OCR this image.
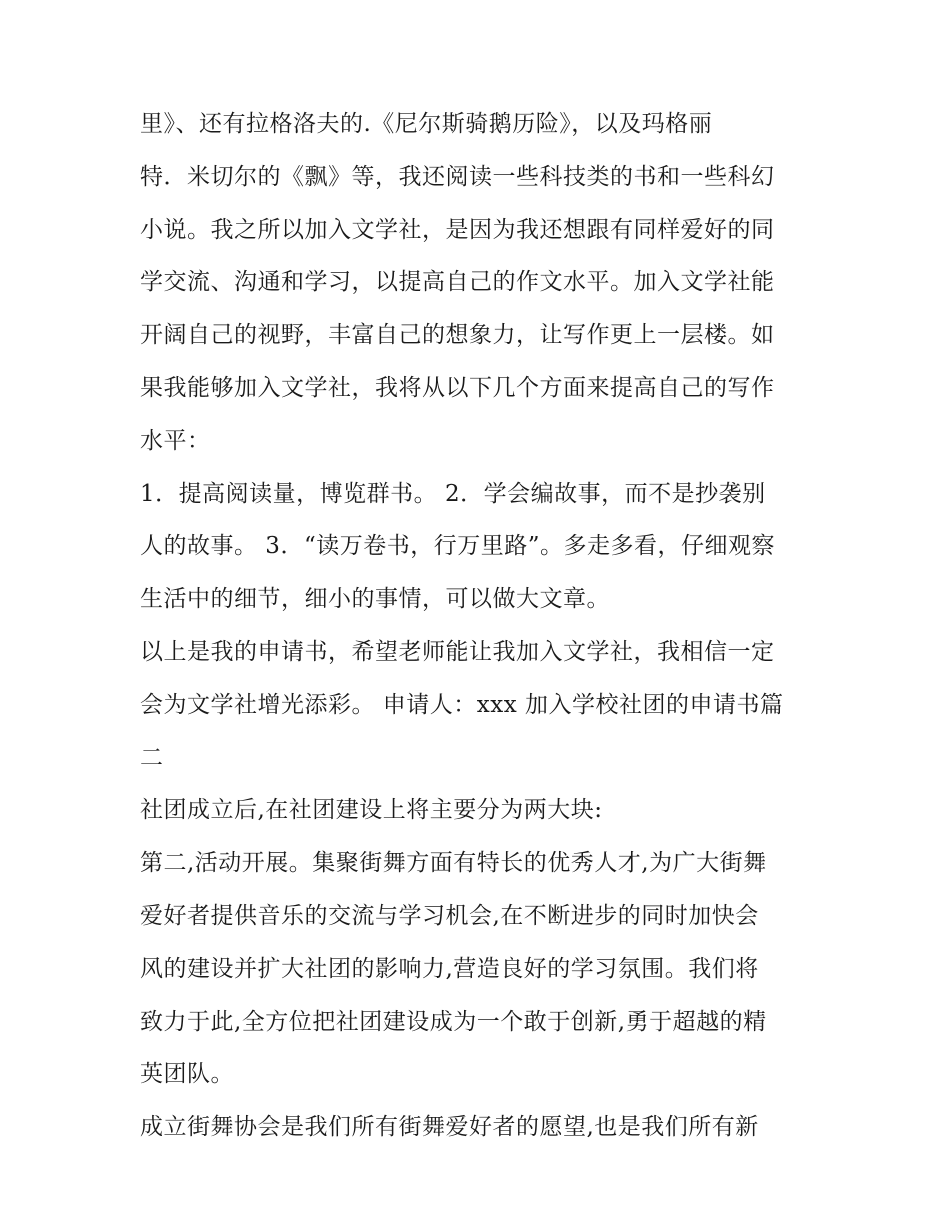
里》、还有拉格洛夫的.《尼尔斯骑鹅历险》，以及玛格丽
特．米切尔的《飘》等，我还阅读一些科技类的书和一些科幻
小说。我之所以加入文学社，是因为我还想跟有同样爱好的同
学交流、沟通和学习，以提高自己的作文水平。加入文学社能
开阔自己的视野，丰富自己的想象力，让写作更上一层楼。如
果我能够加入文学社，我将从以下几个方面来提高自己的写作
水平：
1．提高阅读量，博览群书。 2．学会编故事，而不是抄袭别
人的故事。 3．“读万卷书，行万里路”。多走多看，仔细观察
生活中的细节，细小的事情，可以做大文章。
以上是我的申请书，希望老师能让我加入文学社，我相信一定
会为文学社增光添彩。 申请人：xxx 加入学校社团的申请书篇
二
社团成立后,在社团建设上将主要分为两大块:
第二,活动开展。集聚街舞方面有特长的优秀人才,为广大街舞
爱好者提供音乐的交流与学习机会,在不断进步的同时加快会
风的建设并扩大社团的影响力,营造良好的学习氛围。我们将
致力于此,全方位把社团建设成为一个敢于创新,勇于超越的精
英团队。
成立街舞协会是我们所有街舞爱好者的愿望,也是我们所有新
